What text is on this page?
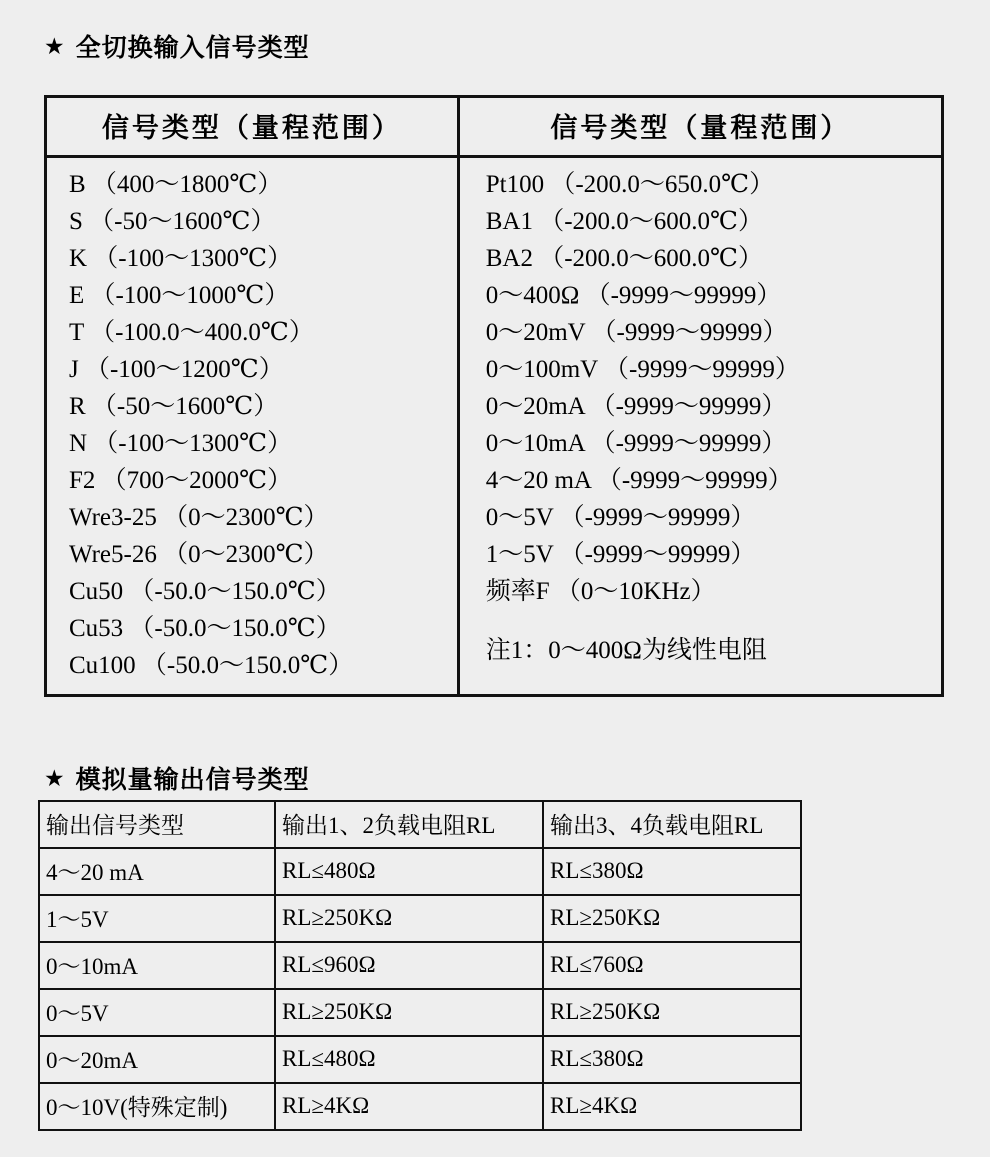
★ 全切换输入信号类型
信号类型（量程范围）	信号类型（量程范围）

B （400～1800℃）
S （-50～1600℃）
K （-100～1300℃）
E （-100～1000℃）
T （-100.0～400.0℃）
J （-100～1200℃）
R （-50～1600℃）
N （-100～1300℃）
F2 （700～2000℃）
Wre3-25 （0～2300℃）
Wre5-26 （0～2300℃）
Cu50 （-50.0～150.0℃）
Cu53 （-50.0～150.0℃）
Cu100 （-50.0～150.0℃）

Pt100 （-200.0～650.0℃）
BA1 （-200.0～600.0℃）
BA2 （-200.0～600.0℃）
0～400Ω （-9999～99999）
0～20mV （-9999～99999）
0～100mV （-9999～99999）
0～20mA （-9999～99999）
0～10mA （-9999～99999）
4～20 mA （-9999～99999）
0～5V （-9999～99999）
1～5V （-9999～99999）
频率F （0～10KHz）
注1：0～400Ω为线性电阻
★ 模拟量输出信号类型
输出信号类型	输出1、2负载电阻RL	输出3、4负载电阻RL
4～20 mA	RL≤480Ω	RL≤380Ω
1～5V	RL≥250KΩ	RL≥250KΩ
0～10mA	RL≤960Ω	RL≤760Ω
0～5V	RL≥250KΩ	RL≥250KΩ
0～20mA	RL≤480Ω	RL≤380Ω
0～10V(特殊定制)	RL≥4KΩ	RL≥4KΩ
